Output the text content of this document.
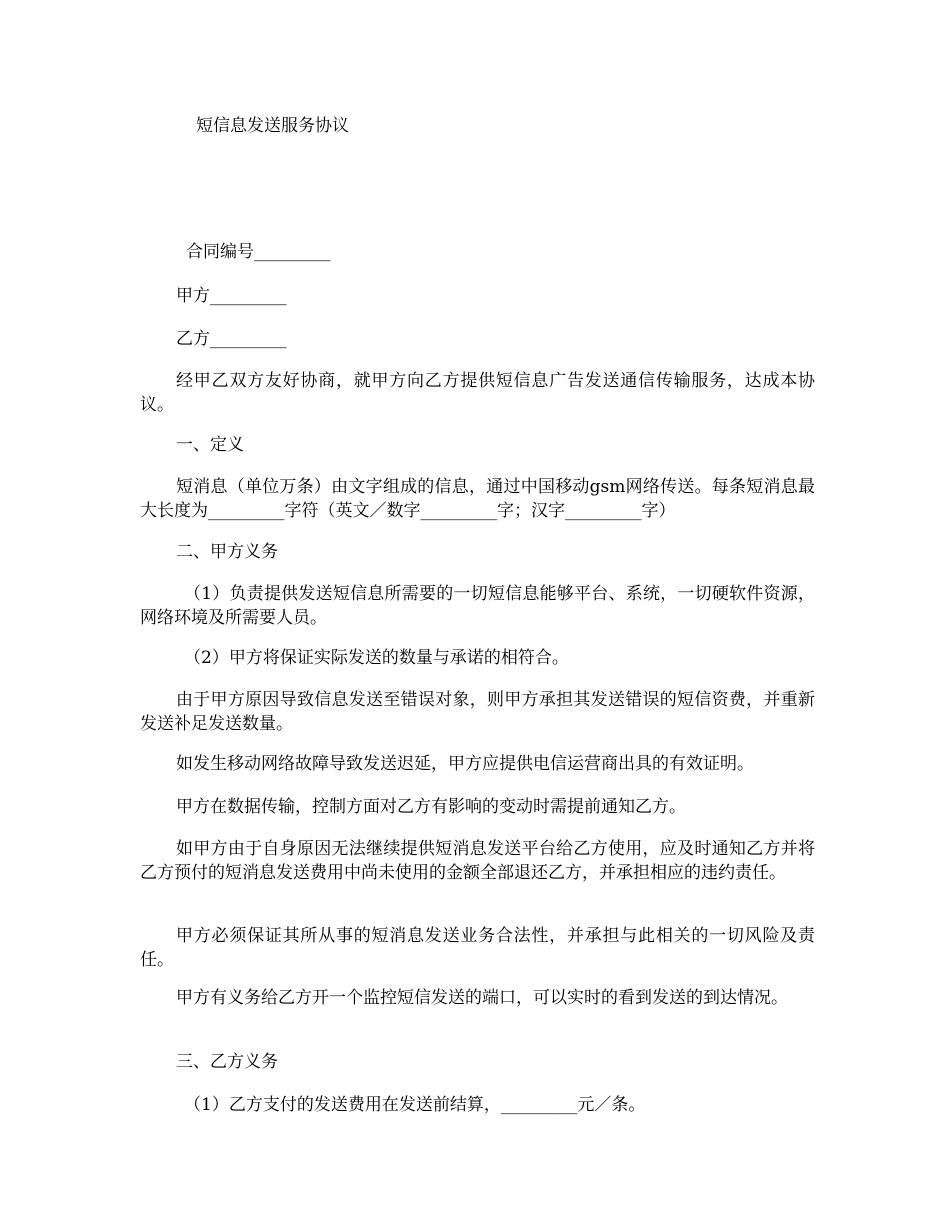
短信息发送服务协议
合同编号_________
甲方_________
乙方_________
经甲乙双方友好协商，就甲方向乙方提供短信息广告发送通信传输服务，达成本协议。
一、定义
短消息（单位万条）由文字组成的信息，通过中国移动gsm网络传送。每条短消息最大长度为_________字符（英文／数字_________字；汉字_________字）
二、甲方义务
（1）负责提供发送短信息所需要的一切短信息能够平台、系统，一切硬软件资源，网络环境及所需要人员。
（2）甲方将保证实际发送的数量与承诺的相符合。
由于甲方原因导致信息发送至错误对象，则甲方承担其发送错误的短信资费，并重新发送补足发送数量。
如发生移动网络故障导致发送迟延，甲方应提供电信运营商出具的有效证明。
甲方在数据传输，控制方面对乙方有影响的变动时需提前通知乙方。
如甲方由于自身原因无法继续提供短消息发送平台给乙方使用，应及时通知乙方并将乙方预付的短消息发送费用中尚未使用的金额全部退还乙方，并承担相应的违约责任。
甲方必须保证其所从事的短消息发送业务合法性，并承担与此相关的一切风险及责任。
甲方有义务给乙方开一个监控短信发送的端口，可以实时的看到发送的到达情况。
三、乙方义务
（1）乙方支付的发送费用在发送前结算，_________元／条。
